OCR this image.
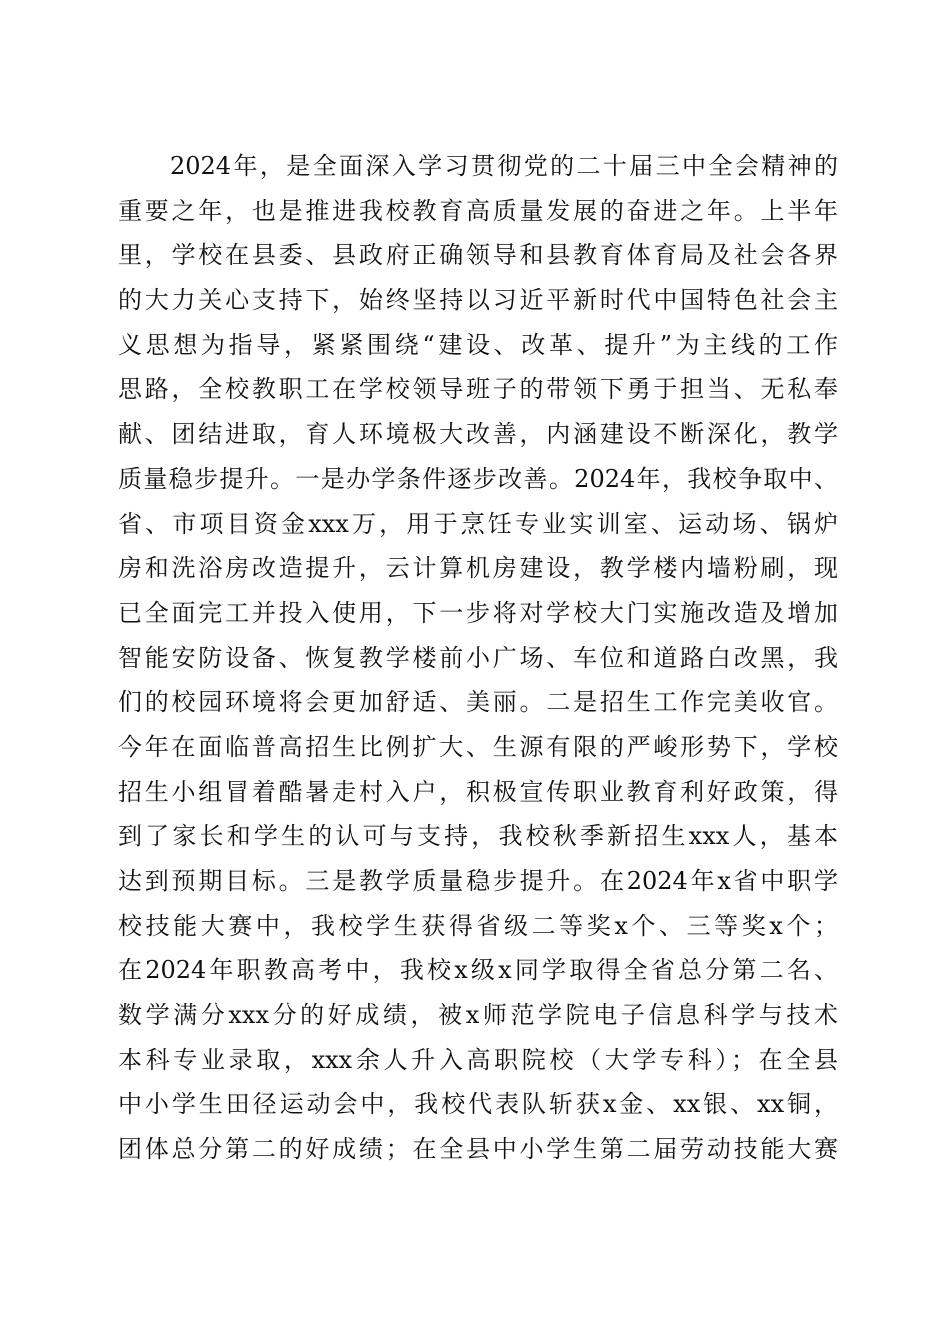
2024年，是全面深入学习贯彻党的二十届三中全会精神的
重要之年，也是推进我校教育高质量发展的奋进之年。上半年
里，学校在县委、县政府正确领导和县教育体育局及社会各界
的大力关心支持下，始终坚持以习近平新时代中国特色社会主
义思想为指导，紧紧围绕“建设、改革、提升”为主线的工作
思路，全校教职工在学校领导班子的带领下勇于担当、无私奉
献、团结进取，育人环境极大改善，内涵建设不断深化，教学
质量稳步提升。一是办学条件逐步改善。2024年，我校争取中、
省、市项目资金xxx万，用于烹饪专业实训室、运动场、锅炉
房和洗浴房改造提升，云计算机房建设，教学楼内墙粉刷，现
已全面完工并投入使用，下一步将对学校大门实施改造及增加
智能安防设备、恢复教学楼前小广场、车位和道路白改黑，我
们的校园环境将会更加舒适、美丽。二是招生工作完美收官。
今年在面临普高招生比例扩大、生源有限的严峻形势下，学校
招生小组冒着酷暑走村入户，积极宣传职业教育利好政策，得
到了家长和学生的认可与支持，我校秋季新招生xxx人，基本
达到预期目标。三是教学质量稳步提升。在2024年x省中职学
校技能大赛中，我校学生获得省级二等奖x个、三等奖x个；
在2024年职教高考中，我校x级x同学取得全省总分第二名、
数学满分xxx分的好成绩，被x师范学院电子信息科学与技术
本科专业录取，xxx余人升入高职院校（大学专科）；在全县
中小学生田径运动会中，我校代表队斩获x金、xx银、xx铜，
团体总分第二的好成绩；在全县中小学生第二届劳动技能大赛
